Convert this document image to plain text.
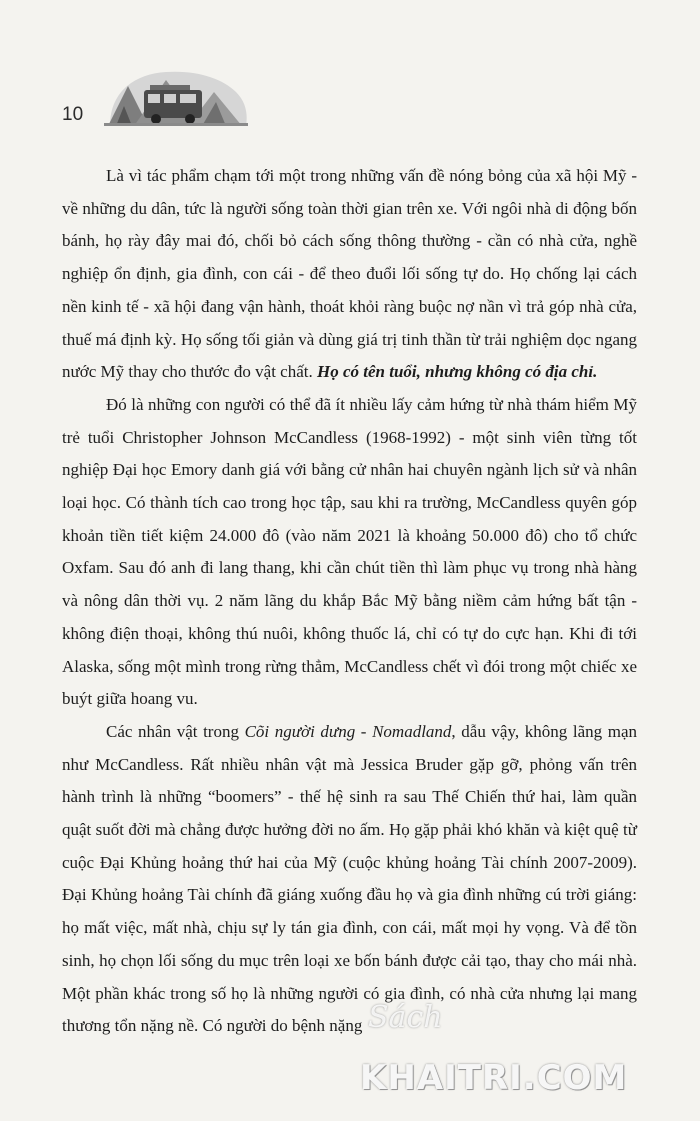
10

Là vì tác phẩm chạm tới một trong những vấn đề nóng bỏng của xã hội Mỹ - về những du dân, tức là người sống toàn thời gian trên xe. Với ngôi nhà di động bốn bánh, họ rày đây mai đó, chối bỏ cách sống thông thường - cần có nhà cửa, nghề nghiệp ổn định, gia đình, con cái - để theo đuổi lối sống tự do. Họ chống lại cách nền kinh tế - xã hội đang vận hành, thoát khỏi ràng buộc nợ nần vì trả góp nhà cửa, thuế má định kỳ. Họ sống tối giản và dùng giá trị tinh thần từ trải nghiệm dọc ngang nước Mỹ thay cho thước đo vật chất. Họ có tên tuổi, nhưng không có địa chỉ.

Đó là những con người có thể đã ít nhiều lấy cảm hứng từ nhà thám hiểm Mỹ trẻ tuổi Christopher Johnson McCandless (1968-1992) - một sinh viên từng tốt nghiệp Đại học Emory danh giá với bằng cử nhân hai chuyên ngành lịch sử và nhân loại học. Có thành tích cao trong học tập, sau khi ra trường, McCandless quyên góp khoản tiền tiết kiệm 24.000 đô (vào năm 2021 là khoảng 50.000 đô) cho tổ chức Oxfam. Sau đó anh đi lang thang, khi cần chút tiền thì làm phục vụ trong nhà hàng và nông dân thời vụ. 2 năm lãng du khắp Bắc Mỹ bằng niềm cảm hứng bất tận - không điện thoại, không thú nuôi, không thuốc lá, chỉ có tự do cực hạn. Khi đi tới Alaska, sống một mình trong rừng thẳm, McCandless chết vì đói trong một chiếc xe buýt giữa hoang vu.

Các nhân vật trong Cõi người dưng - Nomadland, dẫu vậy, không lãng mạn như McCandless. Rất nhiều nhân vật mà Jessica Bruder gặp gỡ, phỏng vấn trên hành trình là những “boomers” - thế hệ sinh ra sau Thế Chiến thứ hai, làm quần quật suốt đời mà chẳng được hưởng đời no ấm. Họ gặp phải khó khăn và kiệt quệ từ cuộc Đại Khủng hoảng thứ hai của Mỹ (cuộc khủng hoảng Tài chính 2007-2009). Đại Khủng hoảng Tài chính đã giáng xuống đầu họ và gia đình những cú trời giáng: họ mất việc, mất nhà, chịu sự ly tán gia đình, con cái, mất mọi hy vọng. Và để tồn sinh, họ chọn lối sống du mục trên loại xe bốn bánh được cải tạo, thay cho mái nhà. Một phần khác trong số họ là những người có gia đình, có nhà cửa nhưng lại mang thương tổn nặng nề. Có người do bệnh nặng Sách
KHAITRI.COM
